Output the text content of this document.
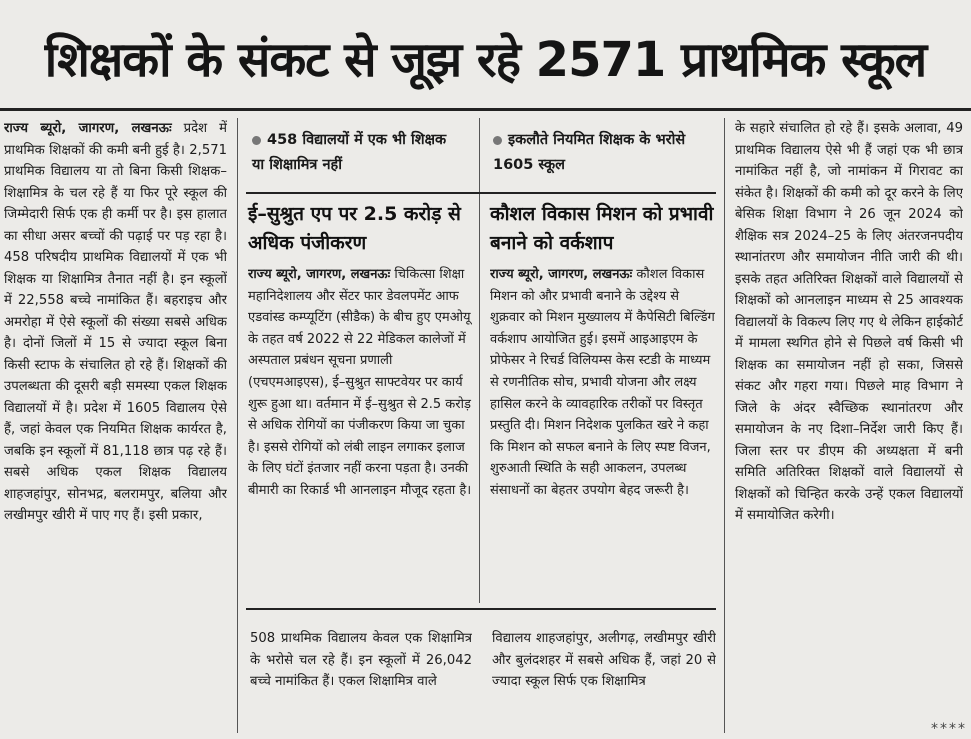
शिक्षकों के संकट से जूझ रहे 2571 प्राथमिक स्कूल
राज्य ब्यूरो, जागरण, लखनऊः प्रदेश में प्राथमिक शिक्षकों की कमी बनी हुई है। 2,571 प्राथमिक विद्यालय या तो बिना किसी शिक्षक–शिक्षामित्र के चल रहे हैं या फिर पूरे स्कूल की जिम्मेदारी सिर्फ एक ही कर्मी पर है। इस हालात का सीधा असर बच्चों की पढ़ाई पर पड़ रहा है। 458 परिषदीय प्राथमिक विद्यालयों में एक भी शिक्षक या शिक्षामित्र तैनात नहीं है। इन स्कूलों में 22,558 बच्चे नामांकित हैं। बहराइच और अमरोहा में ऐसे स्कूलों की संख्या सबसे अधिक है। दोनों जिलों में 15 से ज्यादा स्कूल बिना किसी स्टाफ के संचालित हो रहे हैं। शिक्षकों की उपलब्धता की दूसरी बड़ी समस्या एकल शिक्षक विद्यालयों में है। प्रदेश में 1605 विद्यालय ऐसे हैं, जहां केवल एक नियमित शिक्षक कार्यरत है, जबकि इन स्कूलों में 81,118 छात्र पढ़ रहे हैं। सबसे अधिक एकल शिक्षक विद्यालय शाहजहांपुर, सोनभद्र, बलरामपुर, बलिया और लखीमपुर खीरी में पाए गए हैं। इसी प्रकार,
458 विद्यालयों में एक भी शिक्षक या शिक्षामित्र नहीं
इकलौते नियमित शिक्षक के भरोसे 1605 स्कूल
ई–सुश्रुत एप पर 2.5 करोड़ से अधिक पंजीकरण
राज्य ब्यूरो, जागरण, लखनऊः चिकित्सा शिक्षा महानिदेशालय और सेंटर फार डेवलपमेंट आफ एडवांस्ड कम्प्यूटिंग (सीडैक) के बीच हुए एमओयू के तहत वर्ष 2022 से 22 मेडिकल कालेजों में अस्पताल प्रबंधन सूचना प्रणाली (एचएमआइएस), ई–सुश्रुत साफ्टवेयर पर कार्य शुरू हुआ था। वर्तमान में ई–सुश्रुत से 2.5 करोड़ से अधिक रोगियों का पंजीकरण किया जा चुका है। इससे रोगियों को लंबी लाइन लगाकर इलाज के लिए घंटों इंतजार नहीं करना पड़ता है। उनकी बीमारी का रिकार्ड भी आनलाइन मौजूद रहता है।
कौशल विकास मिशन को प्रभावी बनाने को वर्कशाप
राज्य ब्यूरो, जागरण, लखनऊः कौशल विकास मिशन को और प्रभावी बनाने के उद्देश्य से शुक्रवार को मिशन मुख्यालय में कैपेसिटी बिल्डिंग वर्कशाप आयोजित हुई। इसमें आइआइएम के प्रोफेसर ने रिचर्ड विलियम्स केस स्टडी के माध्यम से रणनीतिक सोच, प्रभावी योजना और लक्ष्य हासिल करने के व्यावहारिक तरीकों पर विस्तृत प्रस्तुति दी। मिशन निदेशक पुलकित खरे ने कहा कि मिशन को सफल बनाने के लिए स्पष्ट विजन, शुरुआती स्थिति के सही आकलन, उपलब्ध संसाधनों का बेहतर उपयोग बेहद जरूरी है।
508 प्राथमिक विद्यालय केवल एक शिक्षामित्र के भरोसे चल रहे हैं। इन स्कूलों में 26,042 बच्चे नामांकित हैं। एकल शिक्षामित्र वाले
विद्यालय शाहजहांपुर, अलीगढ़, लखीमपुर खीरी और बुलंदशहर में सबसे अधिक हैं, जहां 20 से ज्यादा स्कूल सिर्फ एक शिक्षामित्र
के सहारे संचालित हो रहे हैं। इसके अलावा, 49 प्राथमिक विद्यालय ऐसे भी हैं जहां एक भी छात्र नामांकित नहीं है, जो नामांकन में गिरावट का संकेत है। शिक्षकों की कमी को दूर करने के लिए बेसिक शिक्षा विभाग ने 26 जून 2024 को शैक्षिक सत्र 2024–25 के लिए अंतरजनपदीय स्थानांतरण और समायोजन नीति जारी की थी। इसके तहत अतिरिक्त शिक्षकों वाले विद्यालयों से शिक्षकों को आनलाइन माध्यम से 25 आवश्यक विद्यालयों के विकल्प लिए गए थे लेकिन हाईकोर्ट में मामला स्थगित होने से पिछले वर्ष किसी भी शिक्षक का समायोजन नहीं हो सका, जिससे संकट और गहरा गया। पिछले माह विभाग ने जिले के अंदर स्वैच्छिक स्थानांतरण और समायोजन के नए दिशा–निर्देश जारी किए हैं। जिला स्तर पर डीएम की अध्यक्षता में बनी समिति अतिरिक्त शिक्षकों वाले विद्यालयों से शिक्षकों को चिन्हित करके उन्हें एकल विद्यालयों में समायोजित करेगी।
****
